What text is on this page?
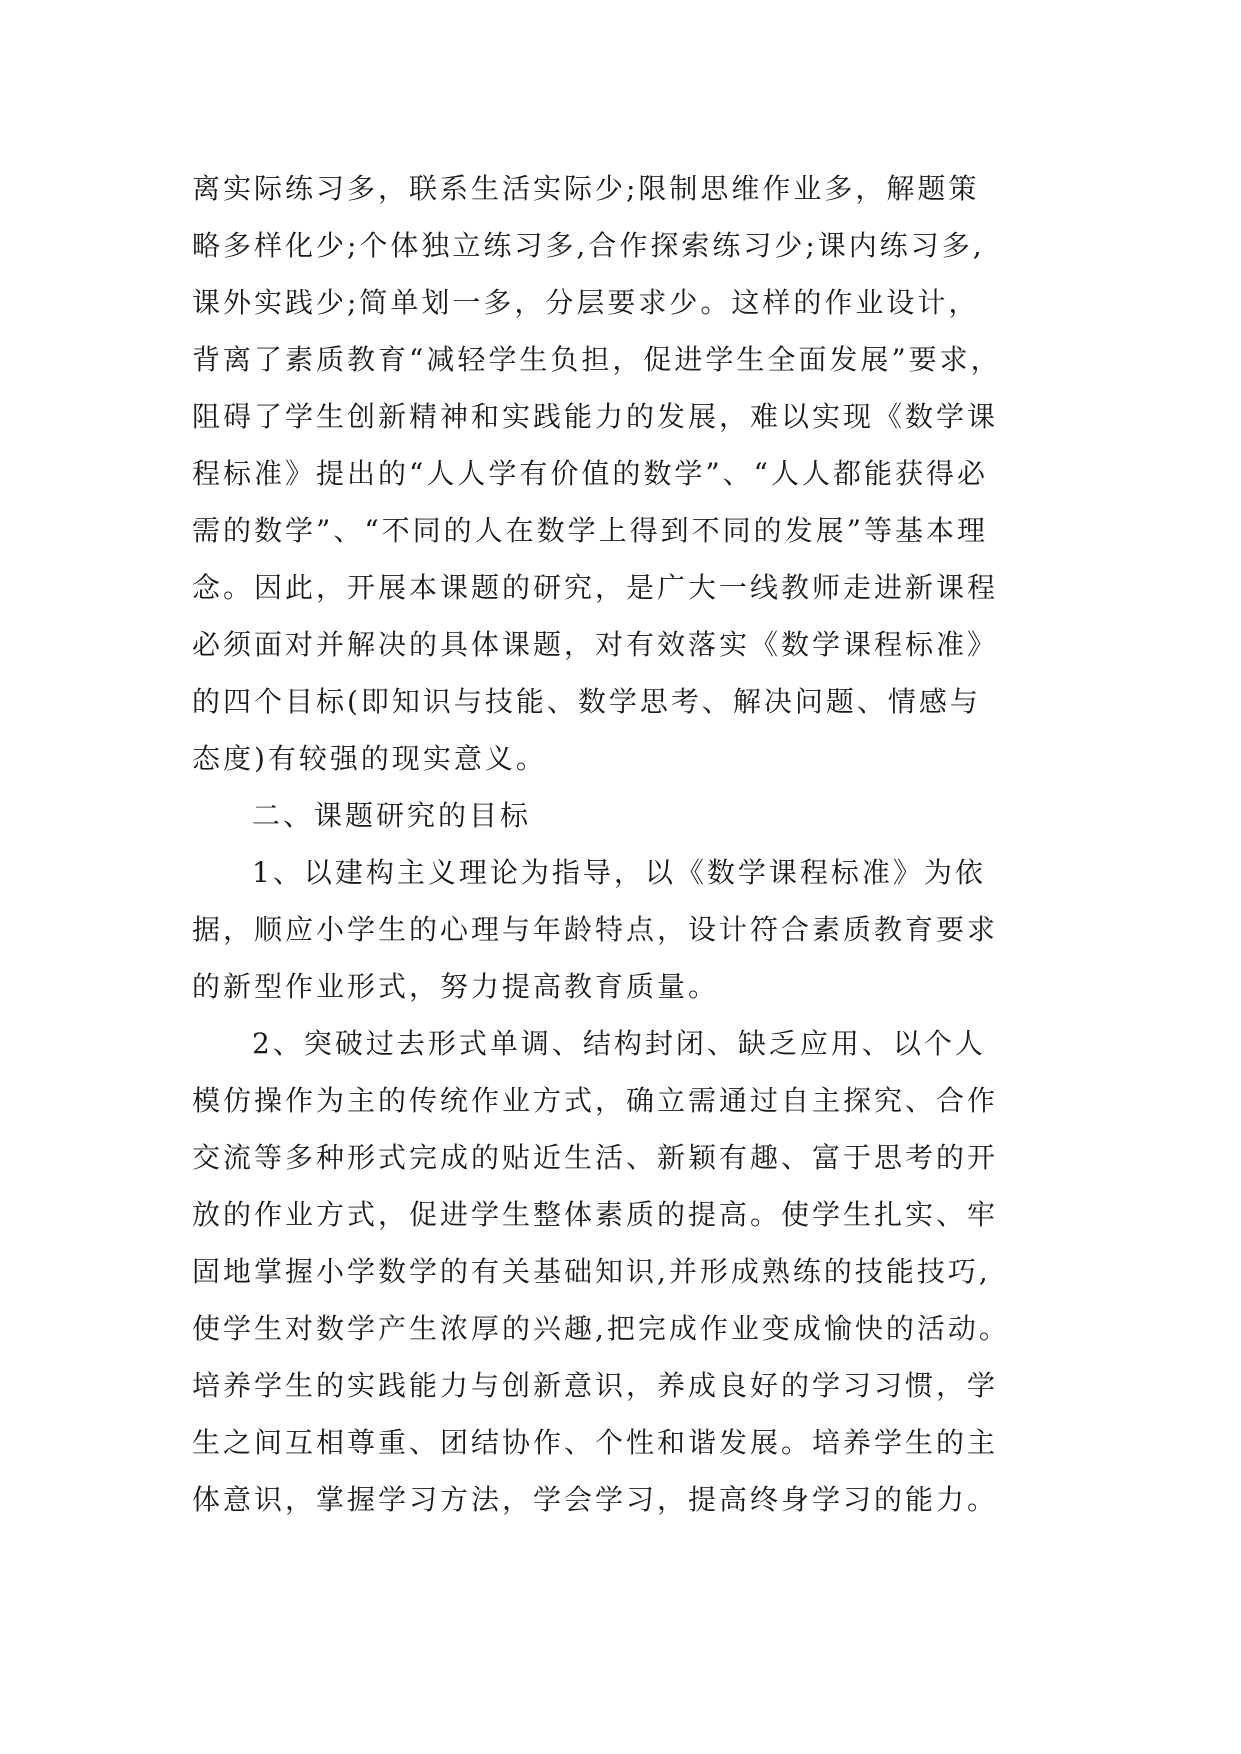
离实际练习多，联系生活实际少;限制思维作业多，解题策
略多样化少;个体独立练习多,合作探索练习少;课内练习多,
课外实践少;简单划一多，分层要求少。这样的作业设计，
背离了素质教育“减轻学生负担，促进学生全面发展”要求，
阻碍了学生创新精神和实践能力的发展，难以实现《数学课
程标准》提出的“人人学有价值的数学”、“人人都能获得必
需的数学”、“不同的人在数学上得到不同的发展”等基本理
念。因此，开展本课题的研究，是广大一线教师走进新课程
必须面对并解决的具体课题，对有效落实《数学课程标准》
的四个目标(即知识与技能、数学思考、解决问题、情感与
态度)有较强的现实意义。
二、课题研究的目标
1、以建构主义理论为指导，以《数学课程标准》为依
据，顺应小学生的心理与年龄特点，设计符合素质教育要求
的新型作业形式，努力提高教育质量。
2、突破过去形式单调、结构封闭、缺乏应用、以个人
模仿操作为主的传统作业方式，确立需通过自主探究、合作
交流等多种形式完成的贴近生活、新颖有趣、富于思考的开
放的作业方式，促进学生整体素质的提高。使学生扎实、牢
固地掌握小学数学的有关基础知识,并形成熟练的技能技巧,
使学生对数学产生浓厚的兴趣,把完成作业变成愉快的活动。
培养学生的实践能力与创新意识，养成良好的学习习惯，学
生之间互相尊重、团结协作、个性和谐发展。培养学生的主
体意识，掌握学习方法，学会学习，提高终身学习的能力。
